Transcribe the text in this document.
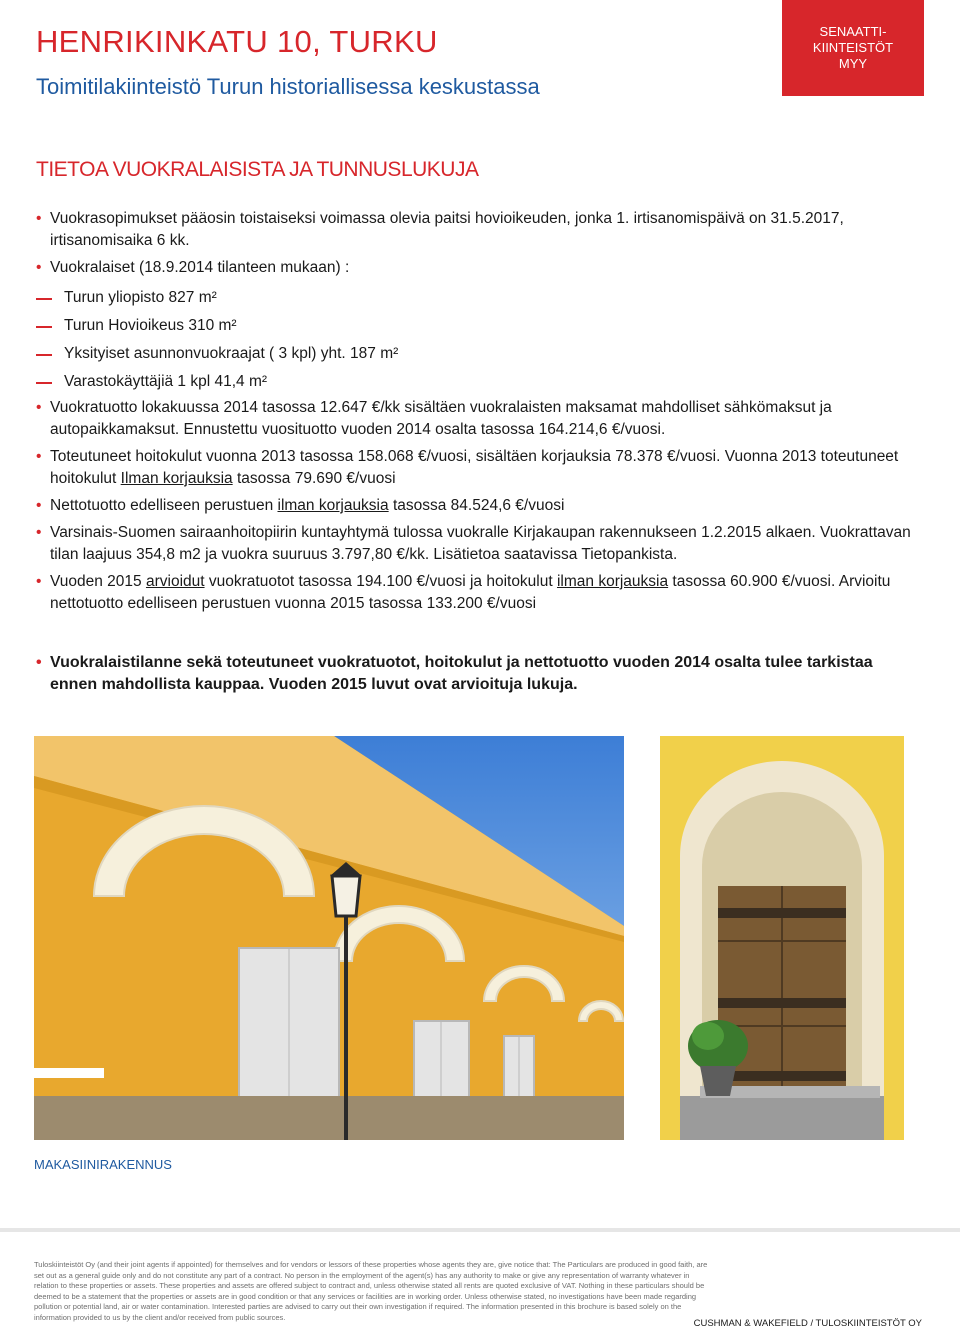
HENRIKINKATU 10, TURKU
Toimitilakiinteistö Turun historiallisessa keskustassa
SENAATTI-
KIINTEISTÖT
MYY
TIETOA VUOKRALAISISTA JA TUNNUSLUKUJA
• Vuokrasopimukset pääosin toistaiseksi voimassa olevia paitsi hovioikeuden, jonka 1. irtisanomispäivä on 31.5.2017, irtisanomisaika 6 kk.
• Vuokralaiset (18.9.2014 tilanteen mukaan) :
Turun yliopisto 827 m²
Turun Hovioikeus 310 m²
Yksityiset asunnonvuokraajat ( 3 kpl) yht. 187 m²
Varastokäyttäjiä 1 kpl 41,4 m²
• Vuokratuotto lokakuussa 2014 tasossa 12.647 €/kk sisältäen vuokralaisten maksamat mahdolliset sähkömaksut ja autopaikkamaksut. Ennustettu vuosituotto vuoden 2014 osalta tasossa 164.214,6 €/vuosi.
• Toteutuneet hoitokulut vuonna 2013 tasossa 158.068 €/vuosi, sisältäen korjauksia 78.378 €/vuosi. Vuonna 2013 toteutuneet hoitokulut Ilman korjauksia tasossa 79.690 €/vuosi
• Nettotuotto edelliseen perustuen ilman korjauksia tasossa 84.524,6 €/vuosi
• Varsinais-Suomen sairaanhoitopiirin kuntayhtymä tulossa vuokralle Kirjakaupan rakennukseen 1.2.2015 alkaen. Vuokrattavan tilan laajuus 354,8 m2 ja vuokra suuruus 3.797,80 €/kk. Lisätietoa saatavissa Tietopankista.
• Vuoden 2015 arvioidut vuokratuotot tasossa 194.100 €/vuosi ja hoitokulut ilman korjauksia tasossa 60.900 €/vuosi. Arvioitu nettotuotto edelliseen perustuen vuonna 2015 tasossa 133.200 €/vuosi
• Vuokralaistilanne sekä toteutuneet vuokratuotot, hoitokulut ja nettotuotto vuoden 2014 osalta tulee tarkistaa ennen mahdollista kauppaa. Vuoden 2015 luvut ovat arvioituja lukuja.
MAKASIINIRAKENNUS
Tuloskiinteistöt Oy (and their joint agents if appointed) for themselves and for vendors or lessors of these properties whose agents they are, give notice that: The Particulars are produced in good faith, are set out as a general guide only and do not constitute any part of a contract. No person in the employment of the agent(s) has any authority to make or give any representation of warranty whatever in relation to these properties or assets. These properties and assets are offered subject to contract and, unless otherwise stated all rents are quoted exclusive of VAT. Nothing in these particulars should be deemed to be a statement that the properties or assets are in good condition or that any services or facilities are in working order. Unless otherwise stated, no investigations have been made regarding pollution or potential land, air or water contamination. Interested parties are advised to carry out their own investigation if required. The information presented in this brochure is based solely on the information provided to us by the client and/or received from public sources.
CUSHMAN & WAKEFIELD / TULOSKIINTEISTÖT OY
